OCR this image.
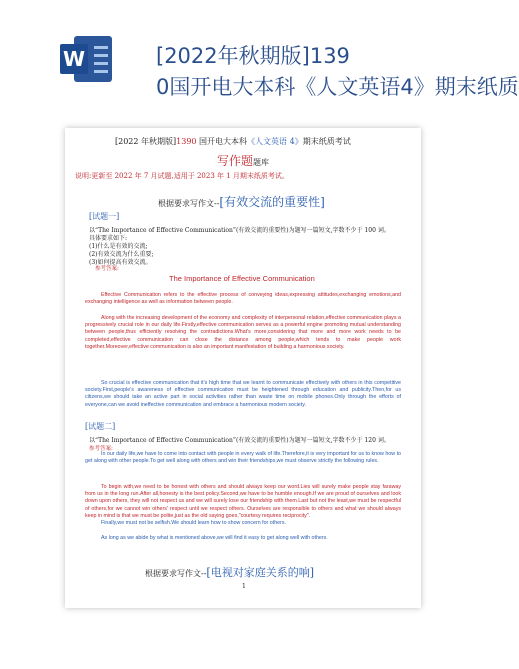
W	[2022年秋期版]139
0国开电大本科《人文英语4》期末纸质
[2022 年秋期版]1390 国开电大本科《人文英语 4》期末纸质考试
写作题题库
说明:更新至 2022 年 7 月试题,适用于 2023 年 1 月期末纸质考试。
根据要求写作文--[有效交流的重要性]
[试题一]
以“The Importance of Effective Communication”(有效交流的重要性)为题写一篇短文,字数不少于 100 词。
具体要求如下:
(1)什么是有效的交流;
(2)有效交流为什么重要;
(3)如何提高有效交流。
参考答案:
The Importance of Effective Communication
Effective Communication refers to the effective process of conveying ideas,expressing attitudes,exchanging emotions,and exchanging intelligence as well as information between people.
Along with the increasing development of the economy and complexity of interpersonal relation,effective communication plays a progressively crucial role in our daily life.Firstly,effective communication serves as a powerful engine promoting mutual understanding between people,thus efficiently resolving the contradictions.What's more,considering that more and more work needs to be completed,effective communication can close the distance among people,which tends to make people work together.Moreover,effective communication is also an important manifestation of building a harmonious society.
So crucial is effective communication that it's high time that we learnt to communicate effectively with others in this competitive society.First,people's awareness of effective communication must be heightened through education and publicity.Then,for us citizens,we should take an active part in social activities rather than waste time on mobile phones.Only through the efforts of everyone,can we avoid ineffective communication and embrace a harmonious modern society.
[试题二]
以“The Importance of Effective Communication”(有效交流的重要性)为题写一篇短文,字数不少于 120 词。
参考答案:
In our daily life,we have to come into contact with people in every walk of life.Therefore,it is very important for us to know how to get along with other people.To get well along with others and win their friendships,we must observe strictly the following rules.
To begin with,we need to be honest with others and should always keep our word.Lies will surely make people stay faraway from us in the long run.After all,honesty is the best policy.Second,we have to be humble enough.If we are proud of ourselves and look down upon others, they will not respect us and we will surely lose our friendship with them.Last but not the least,we must be respectful of others,for we cannot win others' respect until we respect others. Ourselves are responsible to others and what we should always keep in mind is that we must be polite,just as the old saying goes,"courtesy requires reciprocity".
Finally,we must not be selfish.We should learn how to show concern for others.
As long as we abide by what is mentioned above,we will find it easy to get along well with others.
根据要求写作文--[电视对家庭关系的响]
1
